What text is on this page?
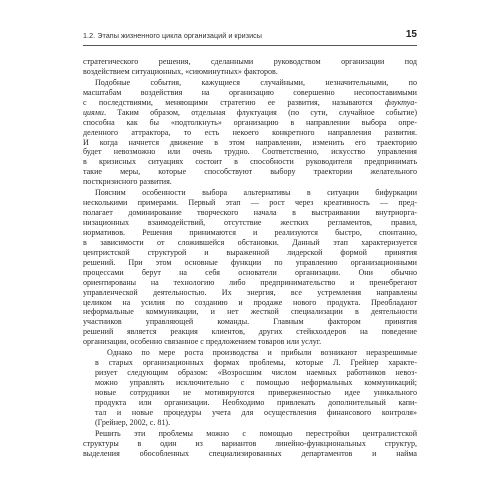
1.2. Этапы жизненного цикла организаций и кризисы	15
стратегического решения, сделанными руководством организации под
воздействием ситуационных, «сиюминутных» факторов.
Подобные события, кажущиеся случайными, незначительными, по
масштабам воздействия на организацию совершенно несопоставимыми
с последствиями, меняющими стратегию ее развития, называются флуктуа-
циями. Таким образом, отдельная флуктуация (по сути, случайное событие)
способна как бы «подтолкнуть» организацию в направлении выбора опре-
деленного аттрактора, то есть некоего конкретного направления развития.
И когда начнется движение в этом направлении, изменить его траекторию
будет невозможно или очень трудно. Соответственно, искусство управления
в кризисных ситуациях состоит в способности руководителя предпринимать
такие меры, которые способствуют выбору траектории желательного
посткризисного развития.
Поясним особенности выбора альтернативы в ситуации бифуркации
несколькими примерами. Первый этап — рост через креативность — пред-
полагает доминирование творческого начала в выстраивании внутриорга-
низационных взаимодействий, отсутствие жестких регламентов, правил,
нормативов. Решения принимаются и реализуются быстро, спонтанно,
в зависимости от сложившейся обстановки. Данный этап характеризуется
центристской структурой и выраженной лидерской формой принятия
решений. При этом основные функции по управлению организационными
процессами берут на себя основатели организации. Они обычно
ориентированы на технологию либо предпринимательство и пренебрегают
управленческой деятельностью. Их энергия, все устремления направлены
целиком на усилия по созданию и продаже нового продукта. Преобладают
неформальные коммуникации, и нет жесткой специализации в деятельности
участников управляющей команды. Главным фактором принятия
решений является реакция клиентов, других стейкхолдеров на поведение
организации, особенно связанное с предложением товаров или услуг.
Однако по мере роста производства и прибыли возникают неразрешимые
в старых организационных формах проблемы, которые Л. Грейнер характе-
ризует следующим образом: «Возросшим числом наемных работников невоз-
можно управлять исключительно с помощью неформальных коммуникаций;
новые сотрудники не мотивируются приверженностью идее уникального
продукта или организации. Необходимо привлекать дополнительный капи-
тал и новые процедуры учета для осуществления финансового контроля»
(Грейнер, 2002, с. 81).
Решить эти проблемы можно с помощью перестройки централистской
структуры в один из вариантов линейно-функциональных структур,
выделения обособленных специализированных департаментов и найма
